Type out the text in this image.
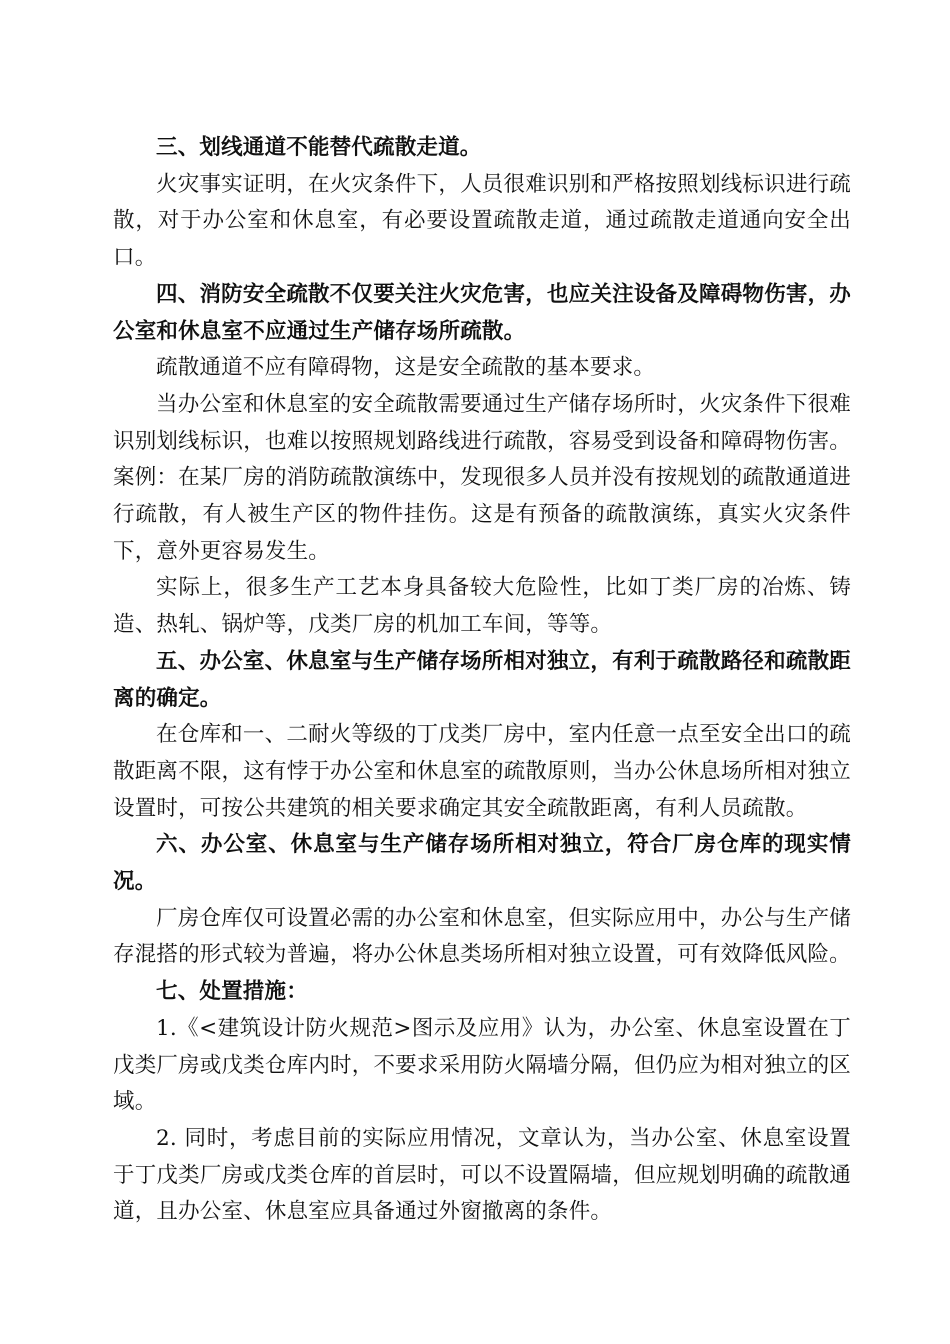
三、划线通道不能替代疏散走道。

火灾事实证明，在火灾条件下，人员很难识别和严格按照划线标识进行疏散，对于办公室和休息室，有必要设置疏散走道，通过疏散走道通向安全出口。

四、消防安全疏散不仅要关注火灾危害，也应关注设备及障碍物伤害，办公室和休息室不应通过生产储存场所疏散。

疏散通道不应有障碍物，这是安全疏散的基本要求。

当办公室和休息室的安全疏散需要通过生产储存场所时，火灾条件下很难识别划线标识，也难以按照规划路线进行疏散，容易受到设备和障碍物伤害。案例：在某厂房的消防疏散演练中，发现很多人员并没有按规划的疏散通道进行疏散，有人被生产区的物件挂伤。这是有预备的疏散演练，真实火灾条件下，意外更容易发生。

实际上，很多生产工艺本身具备较大危险性，比如丁类厂房的冶炼、铸造、热轧、锅炉等，戊类厂房的机加工车间，等等。

五、办公室、休息室与生产储存场所相对独立，有利于疏散路径和疏散距离的确定。

在仓库和一、二耐火等级的丁戊类厂房中，室内任意一点至安全出口的疏散距离不限，这有悖于办公室和休息室的疏散原则，当办公休息场所相对独立设置时，可按公共建筑的相关要求确定其安全疏散距离，有利人员疏散。

六、办公室、休息室与生产储存场所相对独立，符合厂房仓库的现实情况。

厂房仓库仅可设置必需的办公室和休息室，但实际应用中，办公与生产储存混搭的形式较为普遍，将办公休息类场所相对独立设置，可有效降低风险。

七、处置措施：

1.《<建筑设计防火规范>图示及应用》认为，办公室、休息室设置在丁戊类厂房或戊类仓库内时，不要求采用防火隔墙分隔，但仍应为相对独立的区域。

2. 同时，考虑目前的实际应用情况，文章认为，当办公室、休息室设置于丁戊类厂房或戊类仓库的首层时，可以不设置隔墙，但应规划明确的疏散通道，且办公室、休息室应具备通过外窗撤离的条件。
